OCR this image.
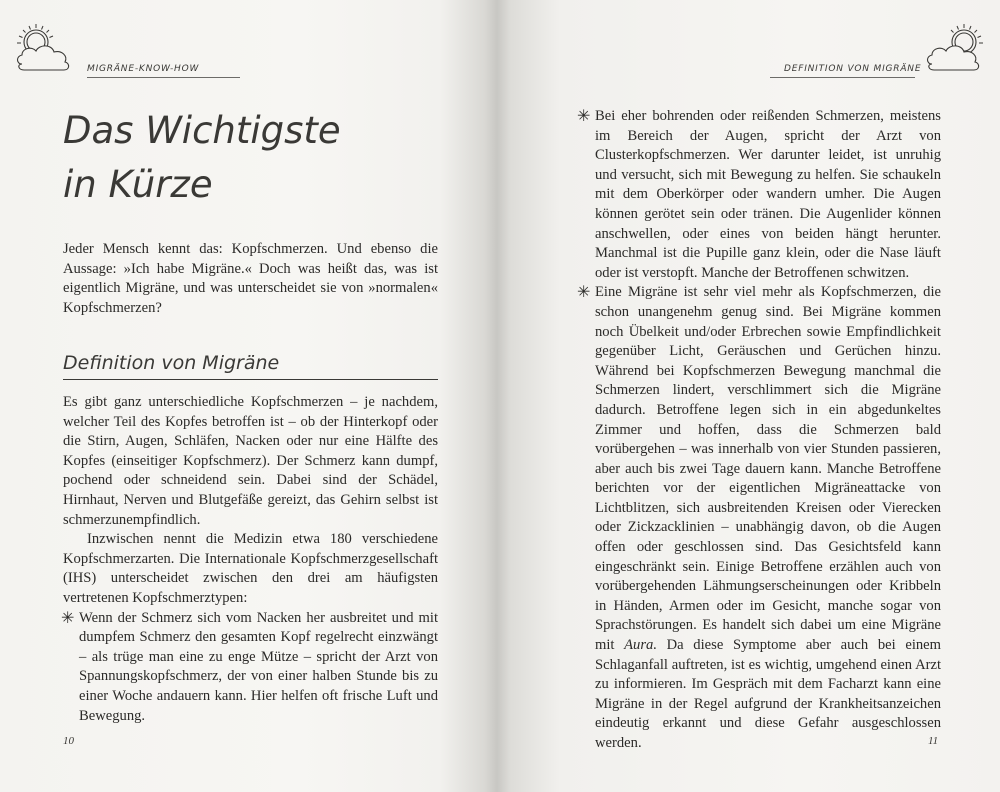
MIGRÄNE-KNOW-HOW
Das Wichtigste
in Kürze
Jeder Mensch kennt das: Kopfschmerzen. Und ebenso die Aussage: »Ich habe Migräne.« Doch was heißt das, was ist eigentlich Migräne, und was unterscheidet sie von »normalen« Kopfschmerzen?
Definition von Migräne

Es gibt ganz unterschiedliche Kopfschmerzen – je nachdem, welcher Teil des Kopfes betroffen ist – ob der Hinterkopf oder die Stirn, Augen, Schläfen, Nacken oder nur eine Hälfte des Kopfes (einseitiger Kopfschmerz). Der Schmerz kann dumpf, pochend oder schneidend sein. Dabei sind der Schädel, Hirnhaut, Nerven und Blutgefäße gereizt, das Gehirn selbst ist schmerzunempfindlich.

Inzwischen nennt die Medizin etwa 180 verschiedene Kopfschmerzarten. Die Internationale Kopfschmerzgesellschaft (IHS) unterscheidet zwischen den drei am häufigsten vertretenen Kopfschmerztypen:

✳ Wenn der Schmerz sich vom Nacken her ausbreitet und mit dumpfem Schmerz den gesamten Kopf regelrecht einzwängt – als trüge man eine zu enge Mütze – spricht der Arzt von Spannungskopfschmerz, der von einer halben Stunde bis zu einer Woche andauern kann. Hier helfen oft frische Luft und Bewegung.
10
DEFINITION VON MIGRÄNE
✳ Bei eher bohrenden oder reißenden Schmerzen, meistens im Bereich der Augen, spricht der Arzt von Clusterkopfschmerzen. Wer darunter leidet, ist unruhig und versucht, sich mit Bewegung zu helfen. Sie schaukeln mit dem Oberkörper oder wandern umher. Die Augen können gerötet sein oder tränen. Die Augenlider können anschwellen, oder eines von beiden hängt herunter. Manchmal ist die Pupille ganz klein, oder die Nase läuft oder ist verstopft. Manche der Betroffenen schwitzen.
✳ Eine Migräne ist sehr viel mehr als Kopfschmerzen, die schon unangenehm genug sind. Bei Migräne kommen noch Übelkeit und/oder Erbrechen sowie Empfindlichkeit gegenüber Licht, Geräuschen und Gerüchen hinzu. Während bei Kopfschmerzen Bewegung manchmal die Schmerzen lindert, verschlimmert sich die Migräne dadurch. Betroffene legen sich in ein abgedunkeltes Zimmer und hoffen, dass die Schmerzen bald vorübergehen – was innerhalb von vier Stunden passieren, aber auch bis zwei Tage dauern kann. Manche Betroffene berichten vor der eigentlichen Migräneattacke von Lichtblitzen, sich ausbreitenden Kreisen oder Vierecken oder Zickzacklinien – unabhängig davon, ob die Augen offen oder geschlossen sind. Das Gesichtsfeld kann eingeschränkt sein. Einige Betroffene erzählen auch von vorübergehenden Lähmungserscheinungen oder Kribbeln in Händen, Armen oder im Gesicht, manche sogar von Sprachstörungen. Es handelt sich dabei um eine Migräne mit Aura. Da diese Symptome aber auch bei einem Schlaganfall auftreten, ist es wichtig, umgehend einen Arzt zu informieren. Im Gespräch mit dem Facharzt kann eine Migräne in der Regel aufgrund der Krankheitsanzeichen eindeutig erkannt und diese Gefahr ausgeschlossen werden.	11
